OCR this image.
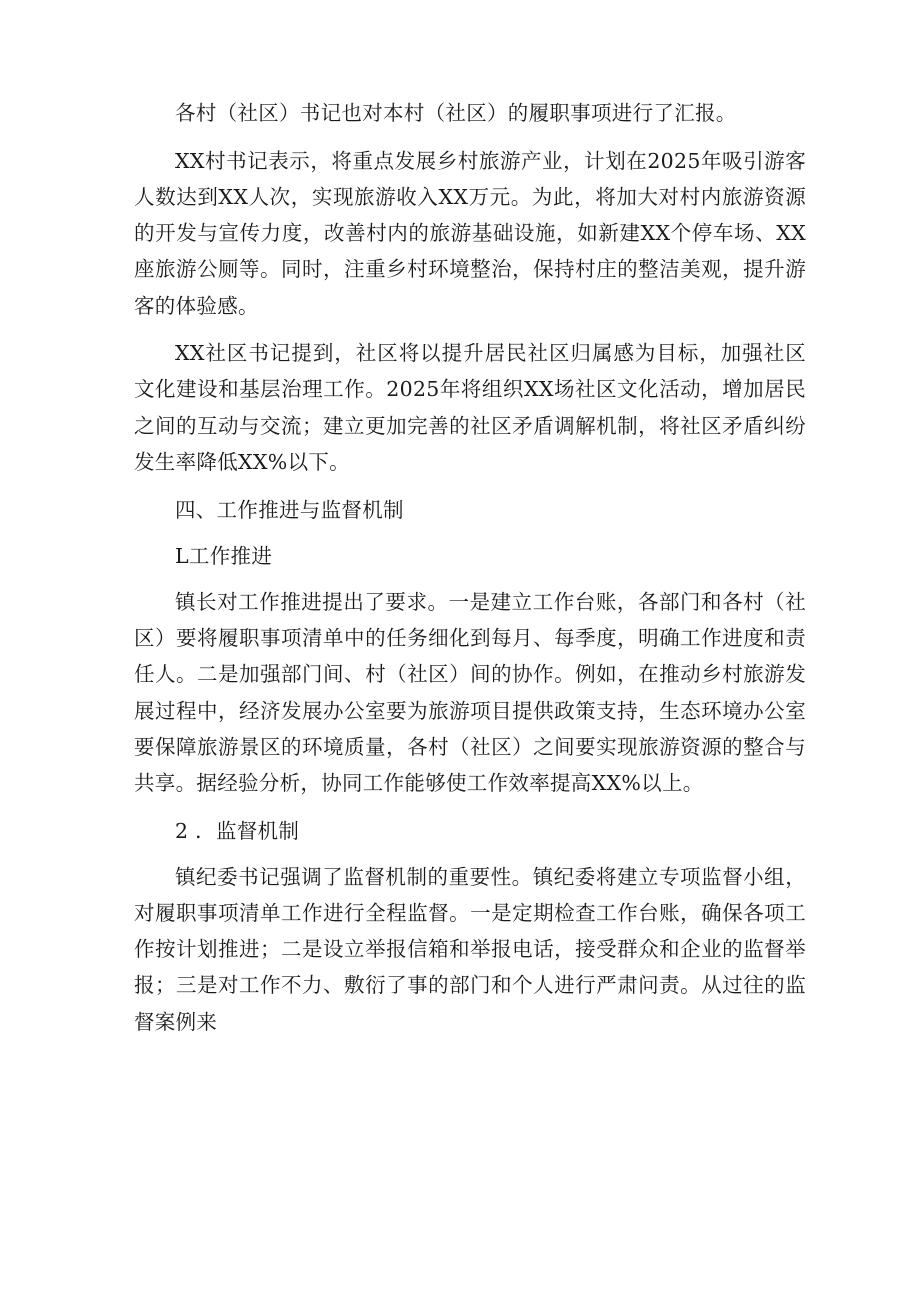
各村（社区）书记也对本村（社区）的履职事项进行了汇报。

XX村书记表示，将重点发展乡村旅游产业，计划在2025年吸引游客人数达到XX人次，实现旅游收入XX万元。为此，将加大对村内旅游资源的开发与宣传力度，改善村内的旅游基础设施，如新建XX个停车场、XX座旅游公厕等。同时，注重乡村环境整治，保持村庄的整洁美观，提升游客的体验感。

XX社区书记提到，社区将以提升居民社区归属感为目标，加强社区文化建设和基层治理工作。2025年将组织XX场社区文化活动，增加居民之间的互动与交流；建立更加完善的社区矛盾调解机制，将社区矛盾纠纷发生率降低XX%以下。

四、工作推进与监督机制

L工作推进

镇长对工作推进提出了要求。一是建立工作台账，各部门和各村（社区）要将履职事项清单中的任务细化到每月、每季度，明确工作进度和责任人。二是加强部门间、村（社区）间的协作。例如，在推动乡村旅游发展过程中，经济发展办公室要为旅游项目提供政策支持，生态环境办公室要保障旅游景区的环境质量，各村（社区）之间要实现旅游资源的整合与共享。据经验分析，协同工作能够使工作效率提高XX%以上。

2 ．监督机制

镇纪委书记强调了监督机制的重要性。镇纪委将建立专项监督小组，对履职事项清单工作进行全程监督。一是定期检查工作台账，确保各项工作按计划推进；二是设立举报信箱和举报电话，接受群众和企业的监督举报；三是对工作不力、敷衍了事的部门和个人进行严肃问责。从过往的监督案例来
